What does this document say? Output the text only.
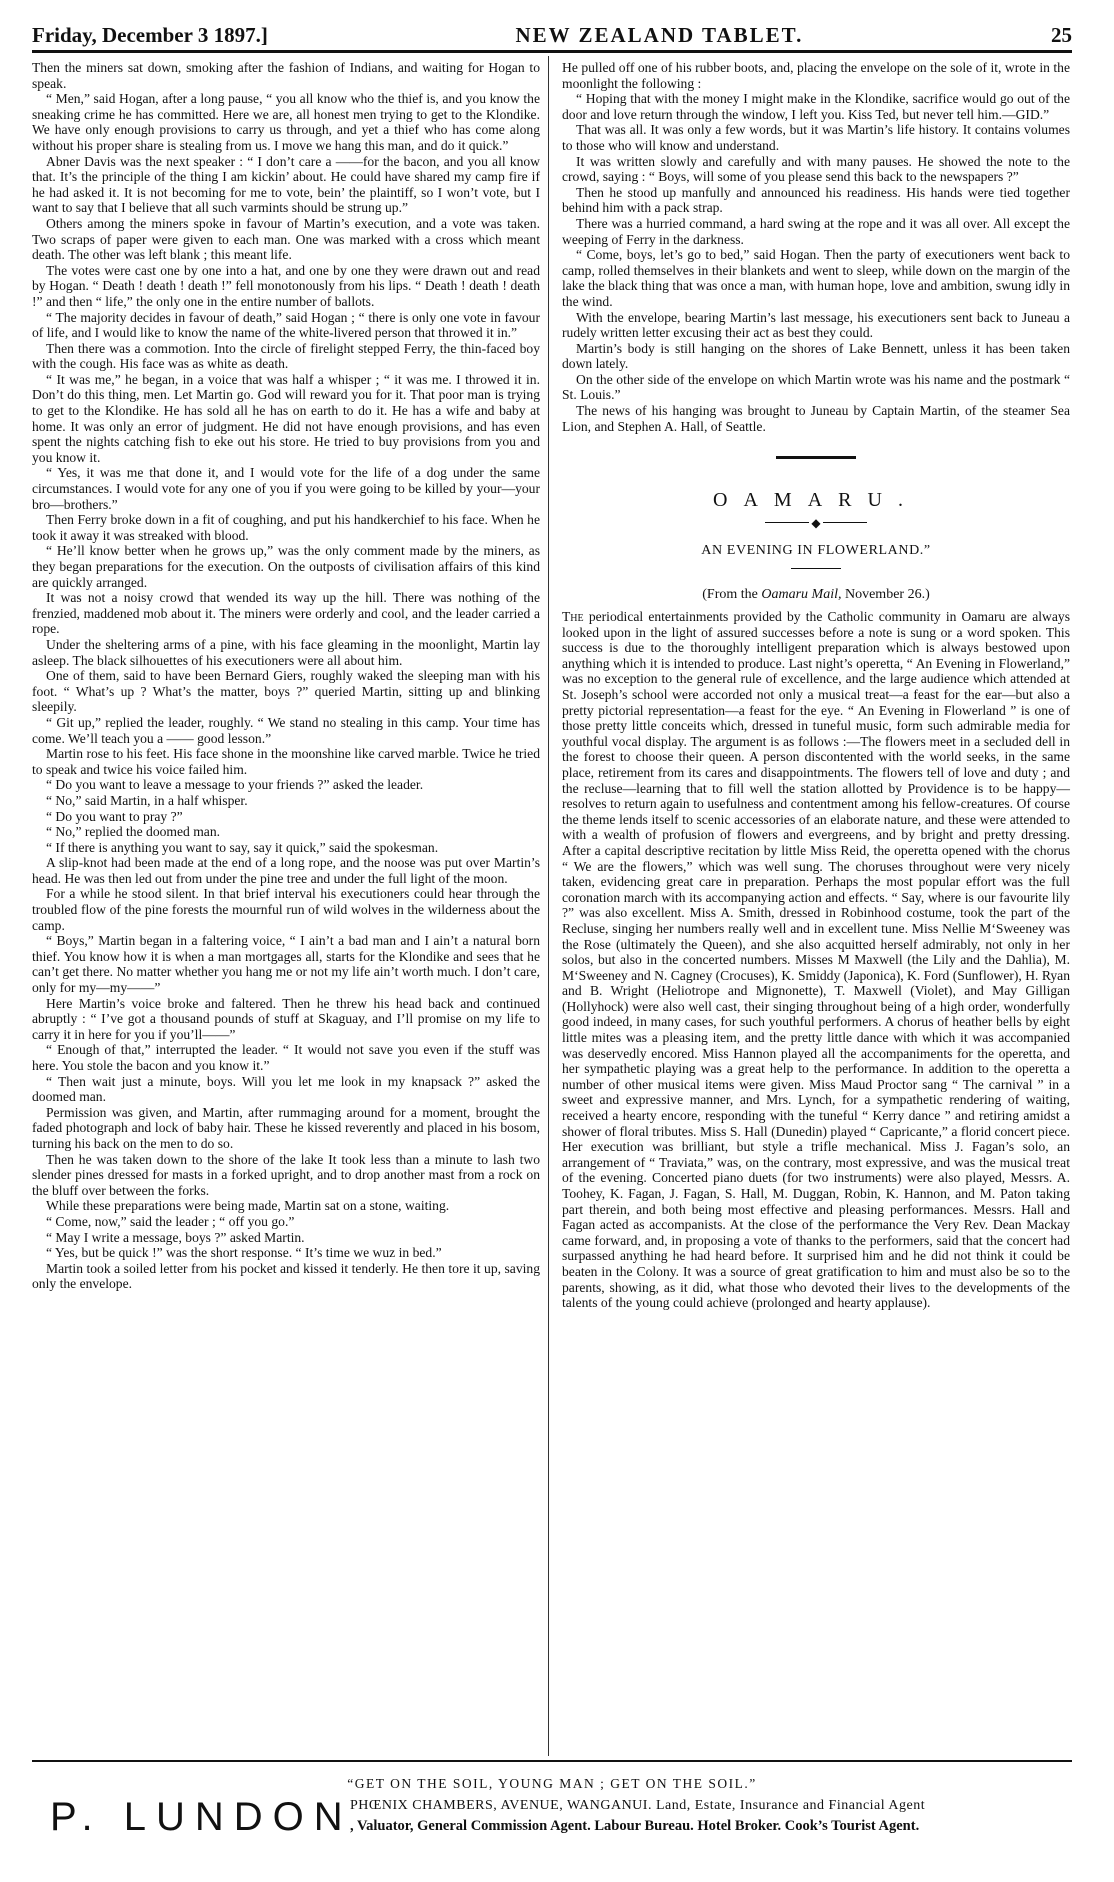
Friday, December 3 1897.]	NEW ZEALAND TABLET.	25

Then the miners sat down, smoking after the fashion of Indians, and waiting for Hogan to speak.

“ Men,” said Hogan, after a long pause, “ you all know who the thief is, and you know the sneaking crime he has committed. Here we are, all honest men trying to get to the Klondike. We have only enough provisions to carry us through, and yet a thief who has come along without his proper share is stealing from us. I move we hang this man, and do it quick.”

Abner Davis was the next speaker : “ I don’t care a ——for the bacon, and you all know that. It’s the principle of the thing I am kickin’ about. He could have shared my camp fire if he had asked it. It is not becoming for me to vote, bein’ the plaintiff, so I won’t vote, but I want to say that I believe that all such varmints should be strung up.”

Others among the miners spoke in favour of Martin’s execution, and a vote was taken. Two scraps of paper were given to each man. One was marked with a cross which meant death. The other was left blank ; this meant life.

The votes were cast one by one into a hat, and one by one they were drawn out and read by Hogan. “ Death ! death ! death !” fell monotonously from his lips. “ Death ! death ! death !” and then “ life,” the only one in the entire number of ballots.

“ The majority decides in favour of death,” said Hogan ; “ there is only one vote in favour of life, and I would like to know the name of the white-livered person that throwed it in.”

Then there was a commotion. Into the circle of firelight stepped Ferry, the thin-faced boy with the cough. His face was as white as death.

“ It was me,” he began, in a voice that was half a whisper ; “ it was me. I throwed it in. Don’t do this thing, men. Let Martin go. God will reward you for it. That poor man is trying to get to the Klondike. He has sold all he has on earth to do it. He has a wife and baby at home. It was only an error of judgment. He did not have enough provisions, and has even spent the nights catching fish to eke out his store. He tried to buy provisions from you and you know it.

“ Yes, it was me that done it, and I would vote for the life of a dog under the same circumstances. I would vote for any one of you if you were going to be killed by your—your bro—brothers.”

Then Ferry broke down in a fit of coughing, and put his handkerchief to his face. When he took it away it was streaked with blood.

“ He’ll know better when he grows up,” was the only comment made by the miners, as they began preparations for the execution. On the outposts of civilisation affairs of this kind are quickly arranged.

It was not a noisy crowd that wended its way up the hill. There was nothing of the frenzied, maddened mob about it. The miners were orderly and cool, and the leader carried a rope.

Under the sheltering arms of a pine, with his face gleaming in the moonlight, Martin lay asleep. The black silhouettes of his executioners were all about him.

One of them, said to have been Bernard Giers, roughly waked the sleeping man with his foot. “ What’s up ? What’s the matter, boys ?” queried Martin, sitting up and blinking sleepily.

“ Git up,” replied the leader, roughly. “ We stand no stealing in this camp. Your time has come. We’ll teach you a —— good lesson.”

Martin rose to his feet. His face shone in the moonshine like carved marble. Twice he tried to speak and twice his voice failed him.

“ Do you want to leave a message to your friends ?” asked the leader.

“ No,” said Martin, in a half whisper.

“ Do you want to pray ?”

“ No,” replied the doomed man.

“ If there is anything you want to say, say it quick,” said the spokesman.

A slip-knot had been made at the end of a long rope, and the noose was put over Martin’s head. He was then led out from under the pine tree and under the full light of the moon.

For a while he stood silent. In that brief interval his executioners could hear through the troubled flow of the pine forests the mournful run of wild wolves in the wilderness about the camp.

“ Boys,” Martin began in a faltering voice, “ I ain’t a bad man and I ain’t a natural born thief. You know how it is when a man mortgages all, starts for the Klondike and sees that he can’t get there. No matter whether you hang me or not my life ain’t worth much. I don’t care, only for my—my——”

Here Martin’s voice broke and faltered. Then he threw his head back and continued abruptly : “ I’ve got a thousand pounds of stuff at Skaguay, and I’ll promise on my life to carry it in here for you if you’ll——”

“ Enough of that,” interrupted the leader. “ It would not save you even if the stuff was here. You stole the bacon and you know it.”

“ Then wait just a minute, boys. Will you let me look in my knapsack ?” asked the doomed man.

Permission was given, and Martin, after rummaging around for a moment, brought the faded photograph and lock of baby hair. These he kissed reverently and placed in his bosom, turning his back on the men to do so.

Then he was taken down to the shore of the lake It took less than a minute to lash two slender pines dressed for masts in a forked upright, and to drop another mast from a rock on the bluff over between the forks.

While these preparations were being made, Martin sat on a stone, waiting.

“ Come, now,” said the leader ; “ off you go.”

“ May I write a message, boys ?” asked Martin.

“ Yes, but be quick !” was the short response. “ It’s time we wuz in bed.”

Martin took a soiled letter from his pocket and kissed it tenderly. He then tore it up, saving only the envelope.

He pulled off one of his rubber boots, and, placing the envelope on the sole of it, wrote in the moonlight the following :

“ Hoping that with the money I might make in the Klondike, sacrifice would go out of the door and love return through the window, I left you. Kiss Ted, but never tell him.—GID.”

That was all. It was only a few words, but it was Martin’s life history. It contains volumes to those who will know and understand.

It was written slowly and carefully and with many pauses. He showed the note to the crowd, saying : “ Boys, will some of you please send this back to the newspapers ?”

Then he stood up manfully and announced his readiness. His hands were tied together behind him with a pack strap.

There was a hurried command, a hard swing at the rope and it was all over. All except the weeping of Ferry in the darkness.

“ Come, boys, let’s go to bed,” said Hogan. Then the party of executioners went back to camp, rolled themselves in their blankets and went to sleep, while down on the margin of the lake the black thing that was once a man, with human hope, love and ambition, swung idly in the wind.

With the envelope, bearing Martin’s last message, his executioners sent back to Juneau a rudely written letter excusing their act as best they could.

Martin’s body is still hanging on the shores of Lake Bennett, unless it has been taken down lately.

On the other side of the envelope on which Martin wrote was his name and the postmark “ St. Louis.”

The news of his hanging was brought to Juneau by Captain Martin, of the steamer Sea Lion, and Stephen A. Hall, of Seattle.

OAMARU.
◆
AN EVENING IN FLOWERLAND.”
(From the Oamaru Mail, November 26.)

The periodical entertainments provided by the Catholic community in Oamaru are always looked upon in the light of assured successes before a note is sung or a word spoken. This success is due to the thoroughly intelligent preparation which is always bestowed upon anything which it is intended to produce. Last night’s operetta, “ An Evening in Flowerland,” was no exception to the general rule of excellence, and the large audience which attended at St. Joseph’s school were accorded not only a musical treat—a feast for the ear—but also a pretty pictorial representation—a feast for the eye. “ An Evening in Flowerland ” is one of those pretty little conceits which, dressed in tuneful music, form such admirable media for youthful vocal display. The argument is as follows :—The flowers meet in a secluded dell in the forest to choose their queen. A person discontented with the world seeks, in the same place, retirement from its cares and disappointments. The flowers tell of love and duty ; and the recluse—learning that to fill well the station allotted by Providence is to be happy—resolves to return again to usefulness and contentment among his fellow-creatures. Of course the theme lends itself to scenic accessories of an elaborate nature, and these were attended to with a wealth of profusion of flowers and evergreens, and by bright and pretty dressing. After a capital descriptive recitation by little Miss Reid, the operetta opened with the chorus “ We are the flowers,” which was well sung. The choruses throughout were very nicely taken, evidencing great care in preparation. Perhaps the most popular effort was the full coronation march with its accompanying action and effects. “ Say, where is our favourite lily ?” was also excellent. Miss A. Smith, dressed in Robinhood costume, took the part of the Recluse, singing her numbers really well and in excellent tune. Miss Nellie M‘Sweeney was the Rose (ultimately the Queen), and she also acquitted herself admirably, not only in her solos, but also in the concerted numbers. Misses M Maxwell (the Lily and the Dahlia), M. M‘Sweeney and N. Cagney (Crocuses), K. Smiddy (Japonica), K. Ford (Sunflower), H. Ryan and B. Wright (Heliotrope and Mignonette), T. Maxwell (Violet), and May Gilligan (Hollyhock) were also well cast, their singing throughout being of a high order, wonderfully good indeed, in many cases, for such youthful performers. A chorus of heather bells by eight little mites was a pleasing item, and the pretty little dance with which it was accompanied was deservedly encored. Miss Hannon played all the accompaniments for the operetta, and her sympathetic playing was a great help to the performance. In addition to the operetta a number of other musical items were given. Miss Maud Proctor sang “ The carnival ” in a sweet and expressive manner, and Mrs. Lynch, for a sympathetic rendering of waiting, received a hearty encore, responding with the tuneful “ Kerry dance ” and retiring amidst a shower of floral tributes. Miss S. Hall (Dunedin) played “ Capricante,” a florid concert piece. Her execution was brilliant, but style a trifle mechanical. Miss J. Fagan’s solo, an arrangement of “ Traviata,” was, on the contrary, most expressive, and was the musical treat of the evening. Concerted piano duets (for two instruments) were also played, Messrs. A. Toohey, K. Fagan, J. Fagan, S. Hall, M. Duggan, Robin, K. Hannon, and M. Paton taking part therein, and both being most effective and pleasing performances. Messrs. Hall and Fagan acted as accompanists. At the close of the performance the Very Rev. Dean Mackay came forward, and, in proposing a vote of thanks to the performers, said that the concert had surpassed anything he had heard before. It surprised him and he did not think it could be beaten in the Colony. It was a source of great gratification to him and must also be so to the parents, showing, as it did, what those who devoted their lives to the developments of the talents of the young could achieve (prolonged and hearty applause).

“GET ON THE SOIL, YOUNG MAN ; GET ON THE SOIL.”
P. LUNDON
PHŒNIX CHAMBERS, AVENUE, WANGANUI. Land, Estate, Insurance and Financial Agent
, Valuator, General Commission Agent. Labour Bureau. Hotel Broker. Cook’s Tourist Agent.
